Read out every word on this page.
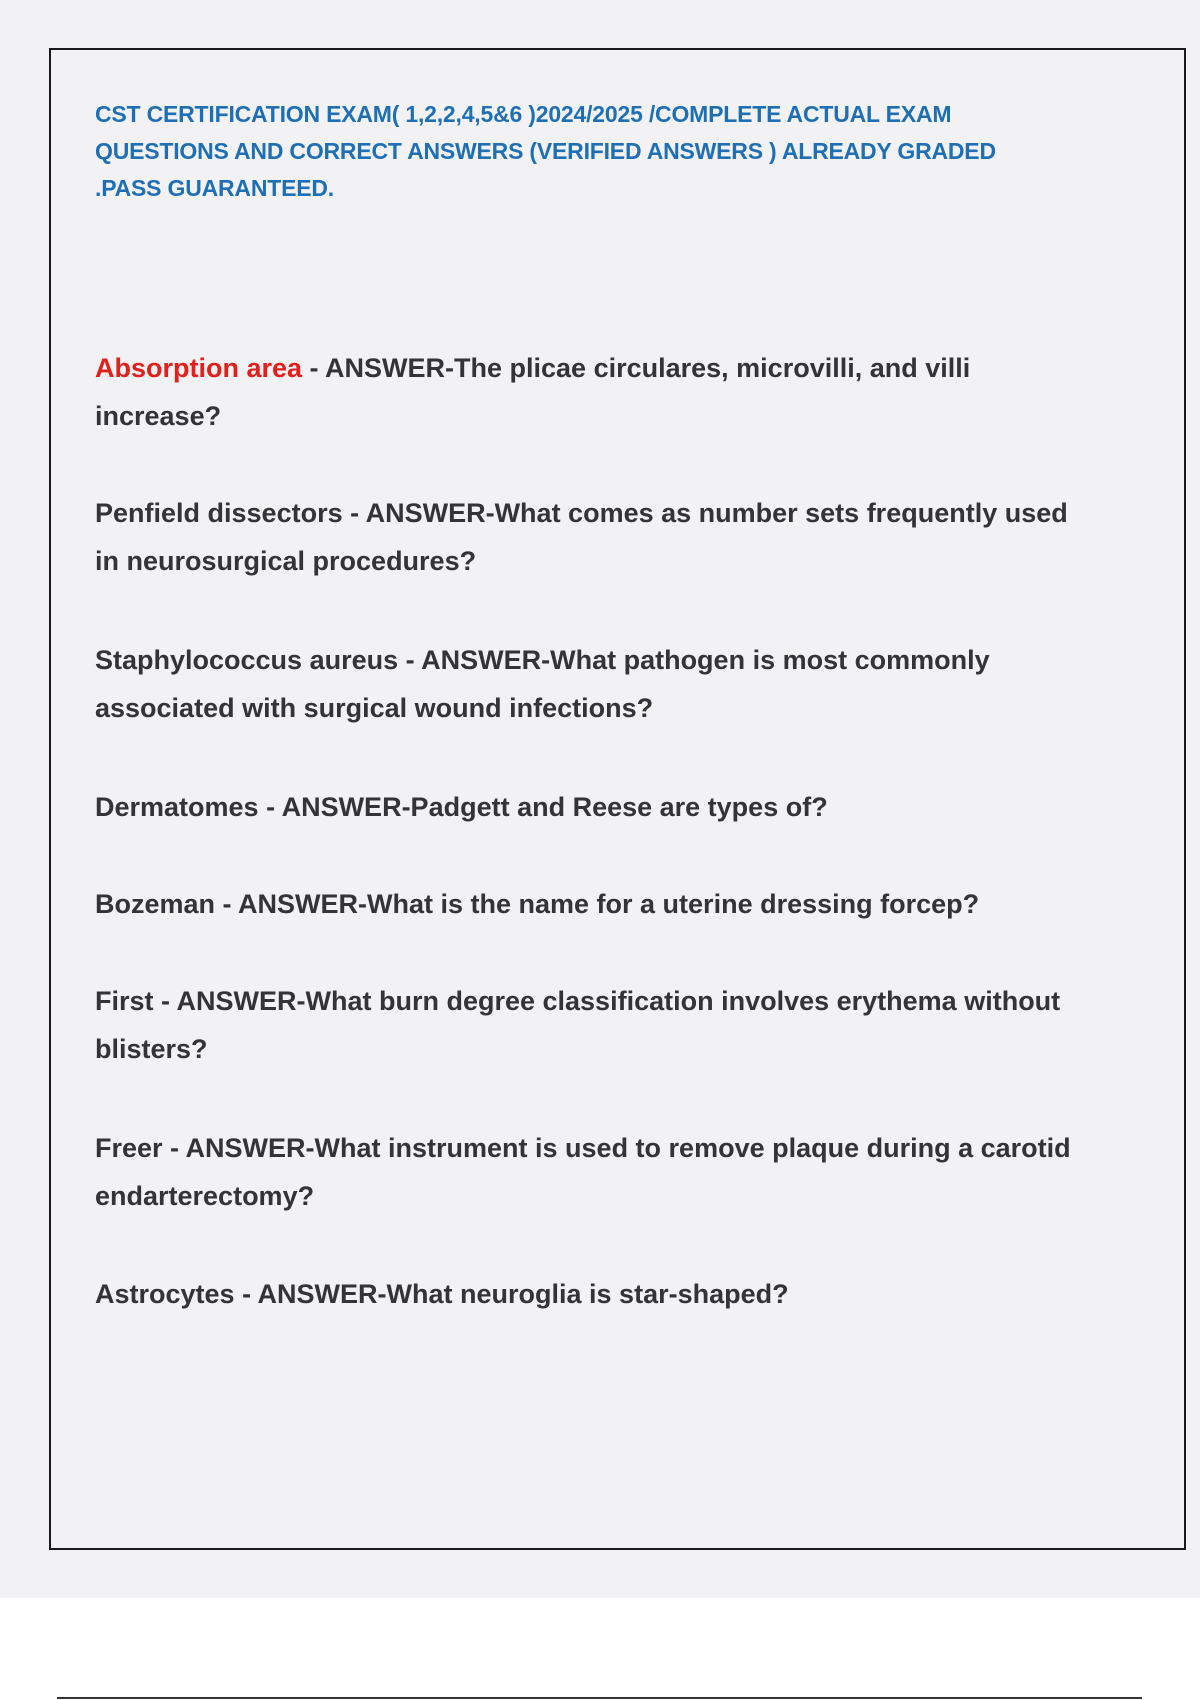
CST CERTIFICATION EXAM( 1,2,2,4,5&6 )2024/2025 /COMPLETE ACTUAL EXAM QUESTIONS AND CORRECT ANSWERS (VERIFIED ANSWERS ) ALREADY GRADED .PASS GUARANTEED.

Absorption area - ANSWER-The plicae circulares, microvilli, and villi increase?

Penfield dissectors - ANSWER-What comes as number sets frequently used in neurosurgical procedures?

Staphylococcus aureus - ANSWER-What pathogen is most commonly associated with surgical wound infections?

Dermatomes - ANSWER-Padgett and Reese are types of?

Bozeman - ANSWER-What is the name for a uterine dressing forcep?

First - ANSWER-What burn degree classification involves erythema without blisters?

Freer - ANSWER-What instrument is used to remove plaque during a carotid endarterectomy?

Astrocytes - ANSWER-What neuroglia is star-shaped?
